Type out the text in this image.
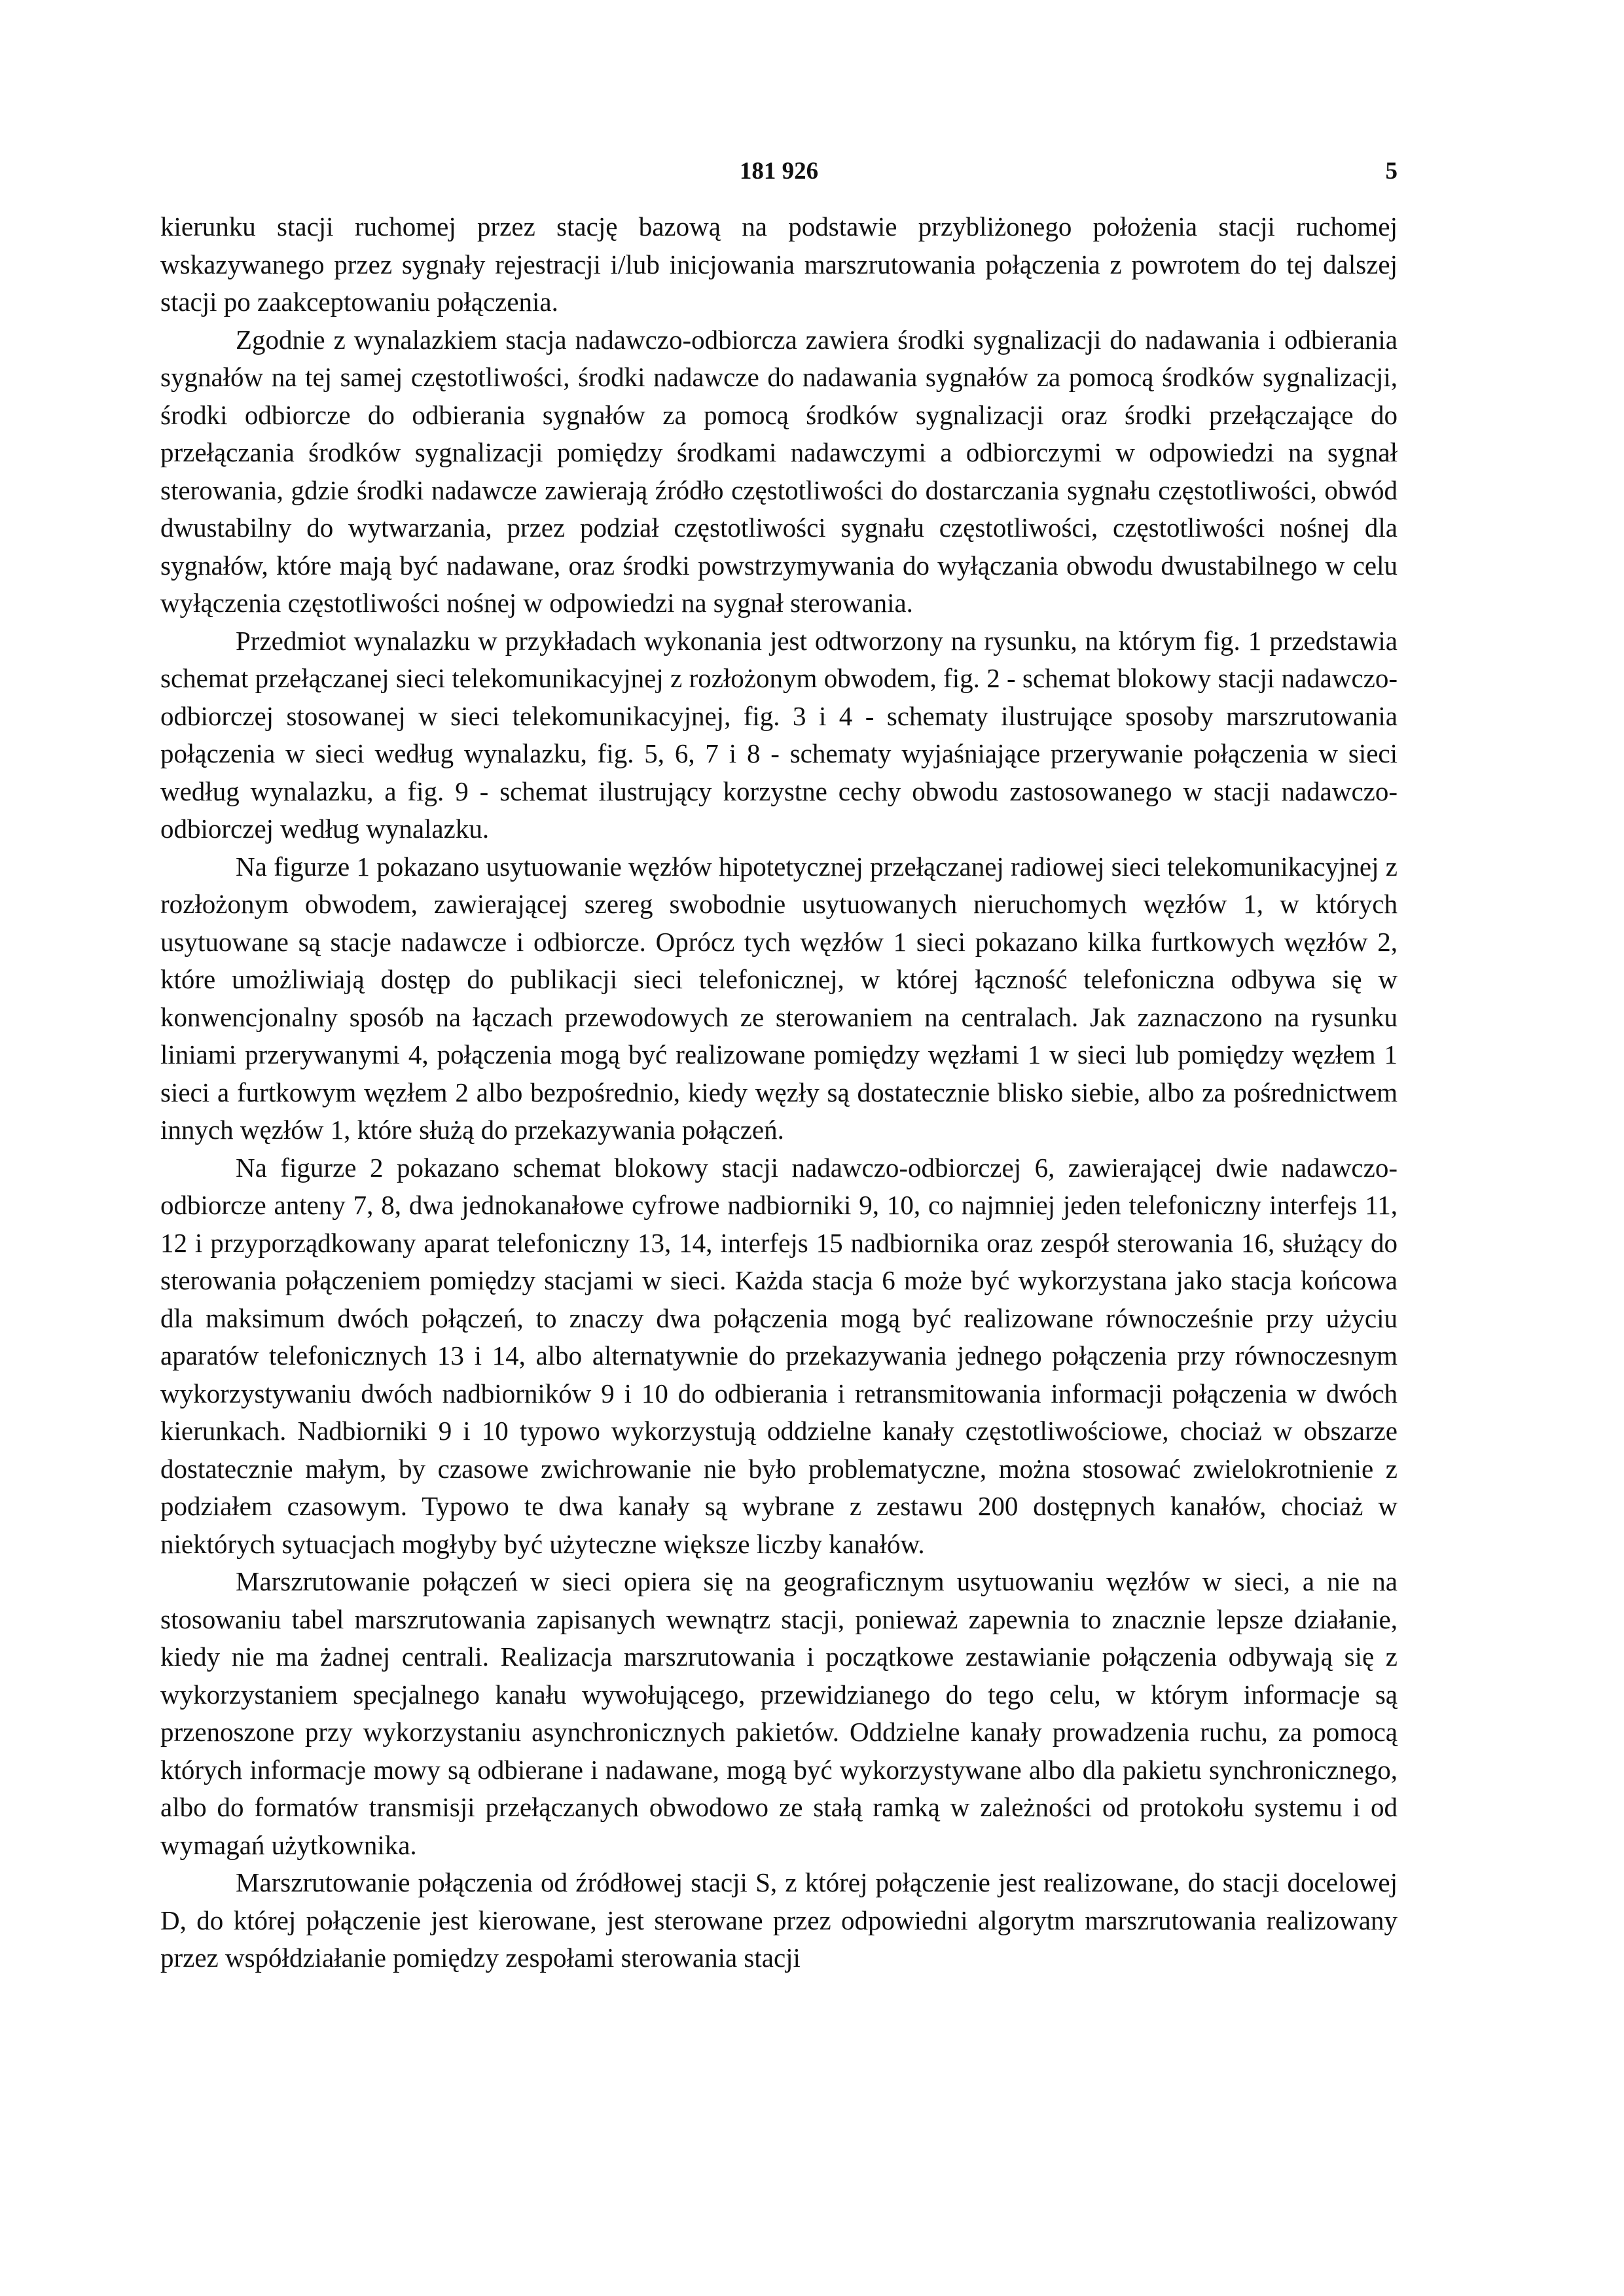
181 926	5

kierunku stacji ruchomej przez stację bazową na podstawie przybliżonego położenia stacji ruchomej wskazywanego przez sygnały rejestracji i/lub inicjowania marszrutowania połączenia z powrotem do tej dalszej stacji po zaakceptowaniu połączenia.

Zgodnie z wynalazkiem stacja nadawczo-odbiorcza zawiera środki sygnalizacji do nadawania i odbierania sygnałów na tej samej częstotliwości, środki nadawcze do nadawania sygnałów za pomocą środków sygnalizacji, środki odbiorcze do odbierania sygnałów za pomocą środków sygnalizacji oraz środki przełączające do przełączania środków sygnalizacji pomiędzy środkami nadawczymi a odbiorczymi w odpowiedzi na sygnał sterowania, gdzie środki nadawcze zawierają źródło częstotliwości do dostarczania sygnału częstotliwości, obwód dwustabilny do wytwarzania, przez podział częstotliwości sygnału częstotliwości, częstotliwości nośnej dla sygnałów, które mają być nadawane, oraz środki powstrzymywania do wyłączania obwodu dwustabilnego w celu wyłączenia częstotliwości nośnej w odpowiedzi na sygnał sterowania.

Przedmiot wynalazku w przykładach wykonania jest odtworzony na rysunku, na którym fig. 1 przedstawia schemat przełączanej sieci telekomunikacyjnej z rozłożonym obwodem, fig. 2 - schemat blokowy stacji nadawczo-odbiorczej stosowanej w sieci telekomunikacyjnej, fig. 3 i 4 - schematy ilustrujące sposoby marszrutowania połączenia w sieci według wynalazku, fig. 5, 6, 7 i 8 - schematy wyjaśniające przerywanie połączenia w sieci według wynalazku, a fig. 9 - schemat ilustrujący korzystne cechy obwodu zastosowanego w stacji nadawczo-odbiorczej według wynalazku.

Na figurze 1 pokazano usytuowanie węzłów hipotetycznej przełączanej radiowej sieci telekomunikacyjnej z rozłożonym obwodem, zawierającej szereg swobodnie usytuowanych nieruchomych węzłów 1, w których usytuowane są stacje nadawcze i odbiorcze. Oprócz tych węzłów 1 sieci pokazano kilka furtkowych węzłów 2, które umożliwiają dostęp do publikacji sieci telefonicznej, w której łączność telefoniczna odbywa się w konwencjonalny sposób na łączach przewodowych ze sterowaniem na centralach. Jak zaznaczono na rysunku liniami przerywanymi 4, połączenia mogą być realizowane pomiędzy węzłami 1 w sieci lub pomiędzy węzłem 1 sieci a furtkowym węzłem 2 albo bezpośrednio, kiedy węzły są dostatecznie blisko siebie, albo za pośrednictwem innych węzłów 1, które służą do przekazywania połączeń.

Na figurze 2 pokazano schemat blokowy stacji nadawczo-odbiorczej 6, zawierającej dwie nadawczo-odbiorcze anteny 7, 8, dwa jednokanałowe cyfrowe nadbiorniki 9, 10, co najmniej jeden telefoniczny interfejs 11, 12 i przyporządkowany aparat telefoniczny 13, 14, interfejs 15 nadbiornika oraz zespół sterowania 16, służący do sterowania połączeniem pomiędzy stacjami w sieci. Każda stacja 6 może być wykorzystana jako stacja końcowa dla maksimum dwóch połączeń, to znaczy dwa połączenia mogą być realizowane równocześnie przy użyciu aparatów telefonicznych 13 i 14, albo alternatywnie do przekazywania jednego połączenia przy równoczesnym wykorzystywaniu dwóch nadbiorników 9 i 10 do odbierania i retransmitowania informacji połączenia w dwóch kierunkach. Nadbiorniki 9 i 10 typowo wykorzystują oddzielne kanały częstotliwościowe, chociaż w obszarze dostatecznie małym, by czasowe zwichrowanie nie było problematyczne, można stosować zwielokrotnienie z podziałem czasowym. Typowo te dwa kanały są wybrane z zestawu 200 dostępnych kanałów, chociaż w niektórych sytuacjach mogłyby być użyteczne większe liczby kanałów.

Marszrutowanie połączeń w sieci opiera się na geograficznym usytuowaniu węzłów w sieci, a nie na stosowaniu tabel marszrutowania zapisanych wewnątrz stacji, ponieważ zapewnia to znacznie lepsze działanie, kiedy nie ma żadnej centrali. Realizacja marszrutowania i początkowe zestawianie połączenia odbywają się z wykorzystaniem specjalnego kanału wywołującego, przewidzianego do tego celu, w którym informacje są przenoszone przy wykorzystaniu asynchronicznych pakietów. Oddzielne kanały prowadzenia ruchu, za pomocą których informacje mowy są odbierane i nadawane, mogą być wykorzystywane albo dla pakietu synchronicznego, albo do formatów transmisji przełączanych obwodowo ze stałą ramką w zależności od protokołu systemu i od wymagań użytkownika.

Marszrutowanie połączenia od źródłowej stacji S, z której połączenie jest realizowane, do stacji docelowej D, do której połączenie jest kierowane, jest sterowane przez odpowiedni algorytm marszrutowania realizowany przez współdziałanie pomiędzy zespołami sterowania stacji
